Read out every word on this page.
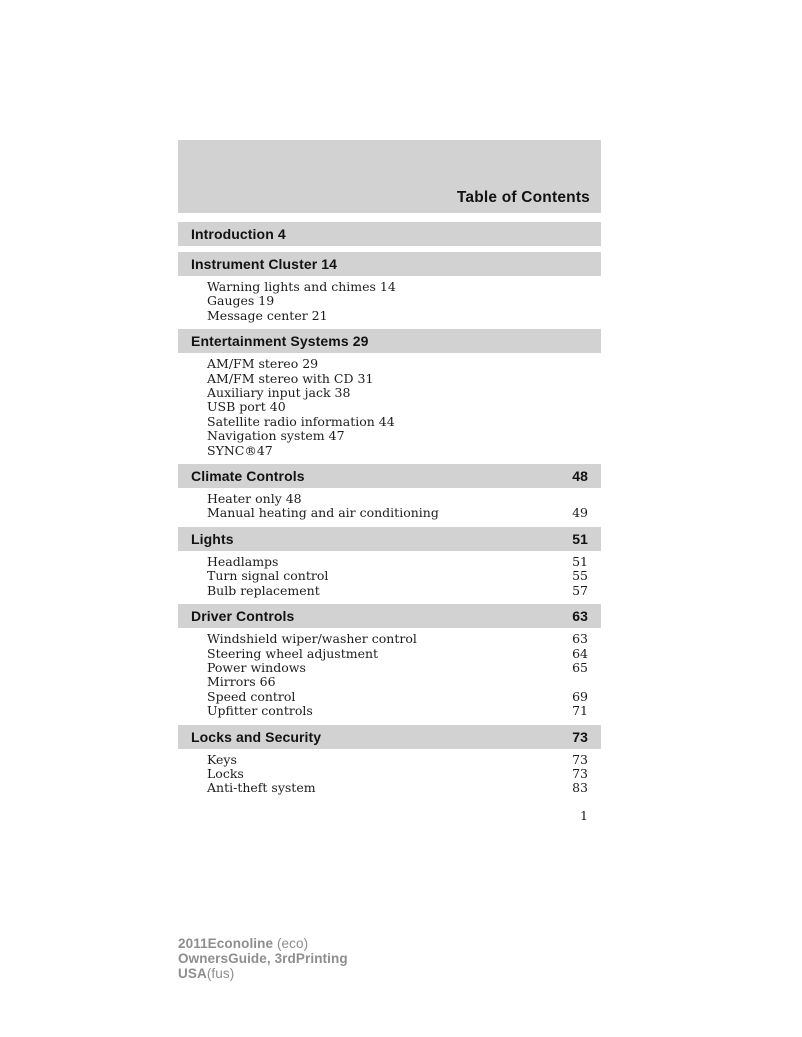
Table of Contents
Introduction 4
Instrument Cluster 14
Warning lights and chimes 14
Gauges 19
Message center 21
Entertainment Systems 29
AM/FM stereo 29
AM/FM stereo with CD 31
Auxiliary input jack 38
USB port 40
Satellite radio information 44
Navigation system 47
SYNC®47
Climate Controls	48
Heater only 48
Manual heating and air conditioning	49
Lights	51
Headlamps	51
Turn signal control	55
Bulb replacement	57
Driver Controls	63
Windshield wiper/washer control	63
Steering wheel adjustment	64
Power windows	65
Mirrors 66
Speed control	69
Upfitter controls	71
Locks and Security	73
Keys	73
Locks	73
Anti-theft system	83
1
2011Econoline (eco)
OwnersGuide, 3rdPrinting
USA(fus)
